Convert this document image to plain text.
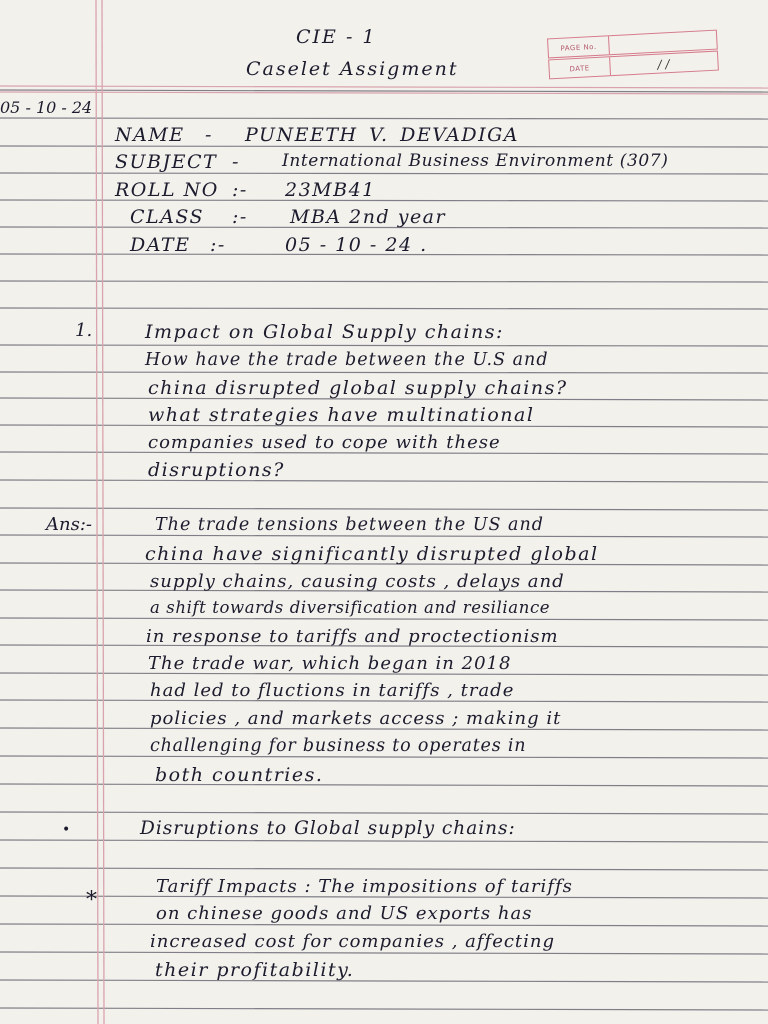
CIE - 1
Caselet Assigment
PAGE No.
DATE	/ /
05 - 10 - 24
NAME - PUNEETH V. DEVADIGA
SUBJECT - International Business Environment (307)
ROLL NO :- 23MB41
CLASS :- MBA 2nd year
DATE :-	05 - 10 - 24 .
1.	Impact on Global Supply chains:
How have the trade between the U.S and
china disrupted global supply chains?
what strategies have multinational
companies used to cope with these
disruptions?
Ans:-	The trade tensions between the US and
china have significantly disrupted global
supply chains, causing costs , delays and
a shift towards diversification and resiliance
in response to tariffs and proctectionism
The trade war, which began in 2018
had led to fluctions in tariffs , trade
policies , and markets access ; making it
challenging for business to operates in
both countries.
•	Disruptions to Global supply chains:
*
Tariff Impacts : The impositions of tariffs
on chinese goods and US exports has
increased cost for companies , affecting
their profitability.
